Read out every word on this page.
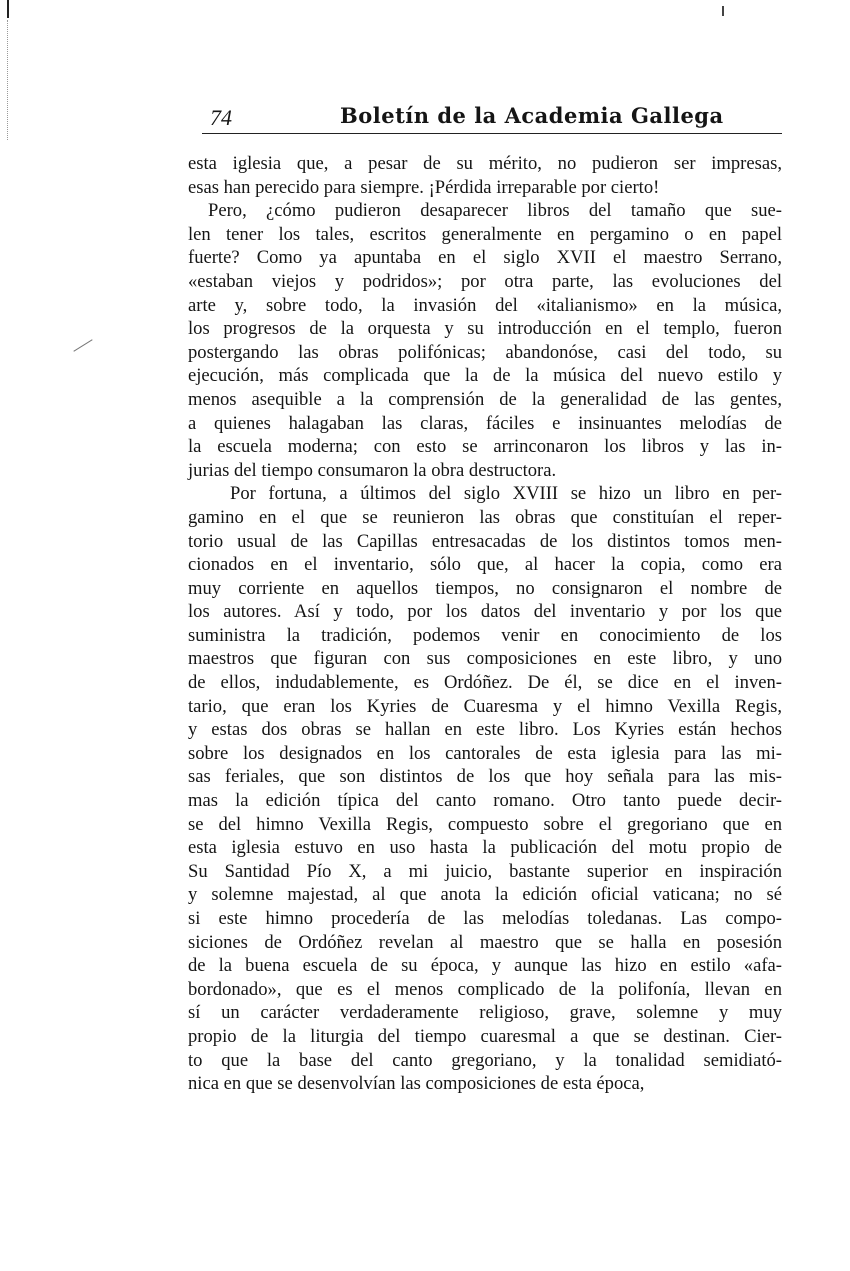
74	Boletín de la Academia Gallega
esta iglesia que, a pesar de su mérito, no pudieron ser impresas,
esas han perecido para siempre. ¡Pérdida irreparable por cierto!
Pero, ¿cómo pudieron desaparecer libros del tamaño que sue-
len tener los tales, escritos generalmente en pergamino o en papel
fuerte? Como ya apuntaba en el siglo XVII el maestro Serrano,
«estaban viejos y podridos»; por otra parte, las evoluciones del
arte y, sobre todo, la invasión del «italianismo» en la música,
los progresos de la orquesta y su introducción en el templo, fueron
postergando las obras polifónicas; abandonóse, casi del todo, su
ejecución, más complicada que la de la música del nuevo estilo y
menos asequible a la comprensión de la generalidad de las gentes,
a quienes halagaban las claras, fáciles e insinuantes melodías de
la escuela moderna; con esto se arrinconaron los libros y las in-
jurias del tiempo consumaron la obra destructora.
Por fortuna, a últimos del siglo XVIII se hizo un libro en per-
gamino en el que se reunieron las obras que constituían el reper-
torio usual de las Capillas entresacadas de los distintos tomos men-
cionados en el inventario, sólo que, al hacer la copia, como era
muy corriente en aquellos tiempos, no consignaron el nombre de
los autores. Así y todo, por los datos del inventario y por los que
suministra la tradición, podemos venir en conocimiento de los
maestros que figuran con sus composiciones en este libro, y uno
de ellos, indudablemente, es Ordóñez. De él, se dice en el inven-
tario, que eran los Kyries de Cuaresma y el himno Vexilla Regis,
y estas dos obras se hallan en este libro. Los Kyries están hechos
sobre los designados en los cantorales de esta iglesia para las mi-
sas feriales, que son distintos de los que hoy señala para las mis-
mas la edición típica del canto romano. Otro tanto puede decir-
se del himno Vexilla Regis, compuesto sobre el gregoriano que en
esta iglesia estuvo en uso hasta la publicación del motu propio de
Su Santidad Pío X, a mi juicio, bastante superior en inspiración
y solemne majestad, al que anota la edición oficial vaticana; no sé
si este himno procedería de las melodías toledanas. Las compo-
siciones de Ordóñez revelan al maestro que se halla en posesión
de la buena escuela de su época, y aunque las hizo en estilo «afa-
bordonado», que es el menos complicado de la polifonía, llevan en
sí un carácter verdaderamente religioso, grave, solemne y muy
propio de la liturgia del tiempo cuaresmal a que se destinan. Cier-
to que la base del canto gregoriano, y la tonalidad semidiató-
nica en que se desenvolvían las composiciones de esta época,
